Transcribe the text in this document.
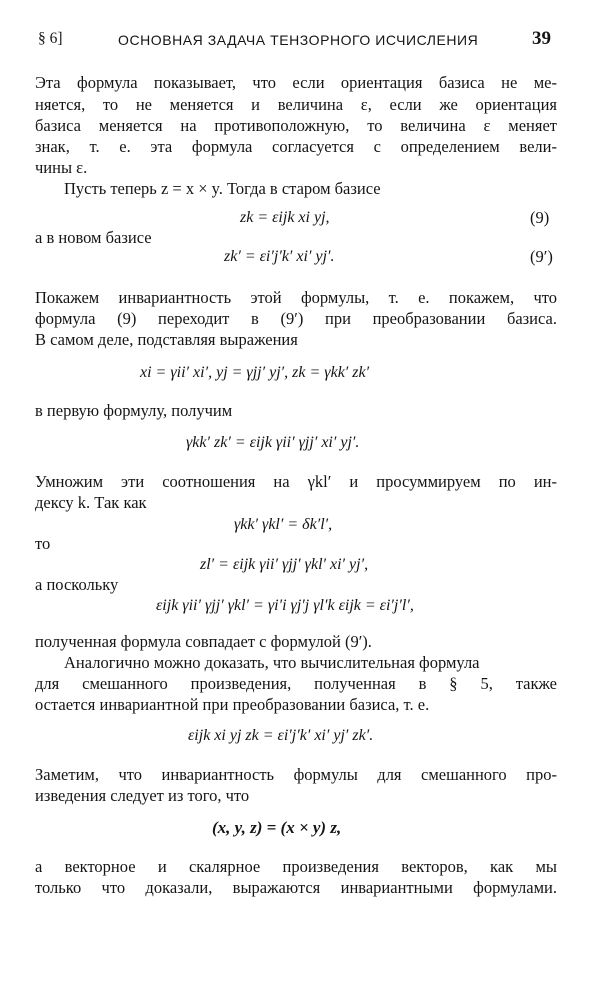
§ 6]	ОСНОВНАЯ ЗАДАЧА ТЕНЗОРНОГО ИСЧИСЛЕНИЯ	39
Эта формула показывает, что если ориентация базиса не ме-
няется, то не меняется и величина ε, если же ориентация
базиса меняется на противоположную, то величина ε меняет
знак, т. е. эта формула согласуется с определением вели-
чины ε.
Пусть теперь z = x × y. Тогда в старом базисе
zk = εijk xi yj,	(9)
а в новом базисе
zk′ = εi′j′k′ xi′ yj′.	(9′)
Покажем инвариантность этой формулы, т. е. покажем, что
формула (9) переходит в (9′) при преобразовании базиса.
В самом деле, подставляя выражения
xi = γii′ xi′, yj = γjj′ yj′, zk = γkk′ zk′
в первую формулу, получим
γkk′ zk′ = εijk γii′ γjj′ xi′ yj′.
Умножим эти соотношения на γkl′ и просуммируем по ин-
дексу k. Так как
γkk′ γkl′ = δk′l′,
то
zl′ = εijk γii′ γjj′ γkl′ xi′ yj′,
а поскольку
εijk γii′ γjj′ γkl′ = γi′i γj′j γl′k εijk = εi′j′l′,
полученная формула совпадает с формулой (9′).
Аналогично можно доказать, что вычислительная формула
для смешанного произведения, полученная в § 5, также
остается инвариантной при преобразовании базиса, т. е.
εijk xi yj zk = εi′j′k′ xi′ yj′ zk′.
Заметим, что инвариантность формулы для смешанного про-
изведения следует из того, что
(x, y, z) = (x × y) z,
а векторное и скалярное произведения векторов, как мы
только что доказали, выражаются инвариантными формулами.
